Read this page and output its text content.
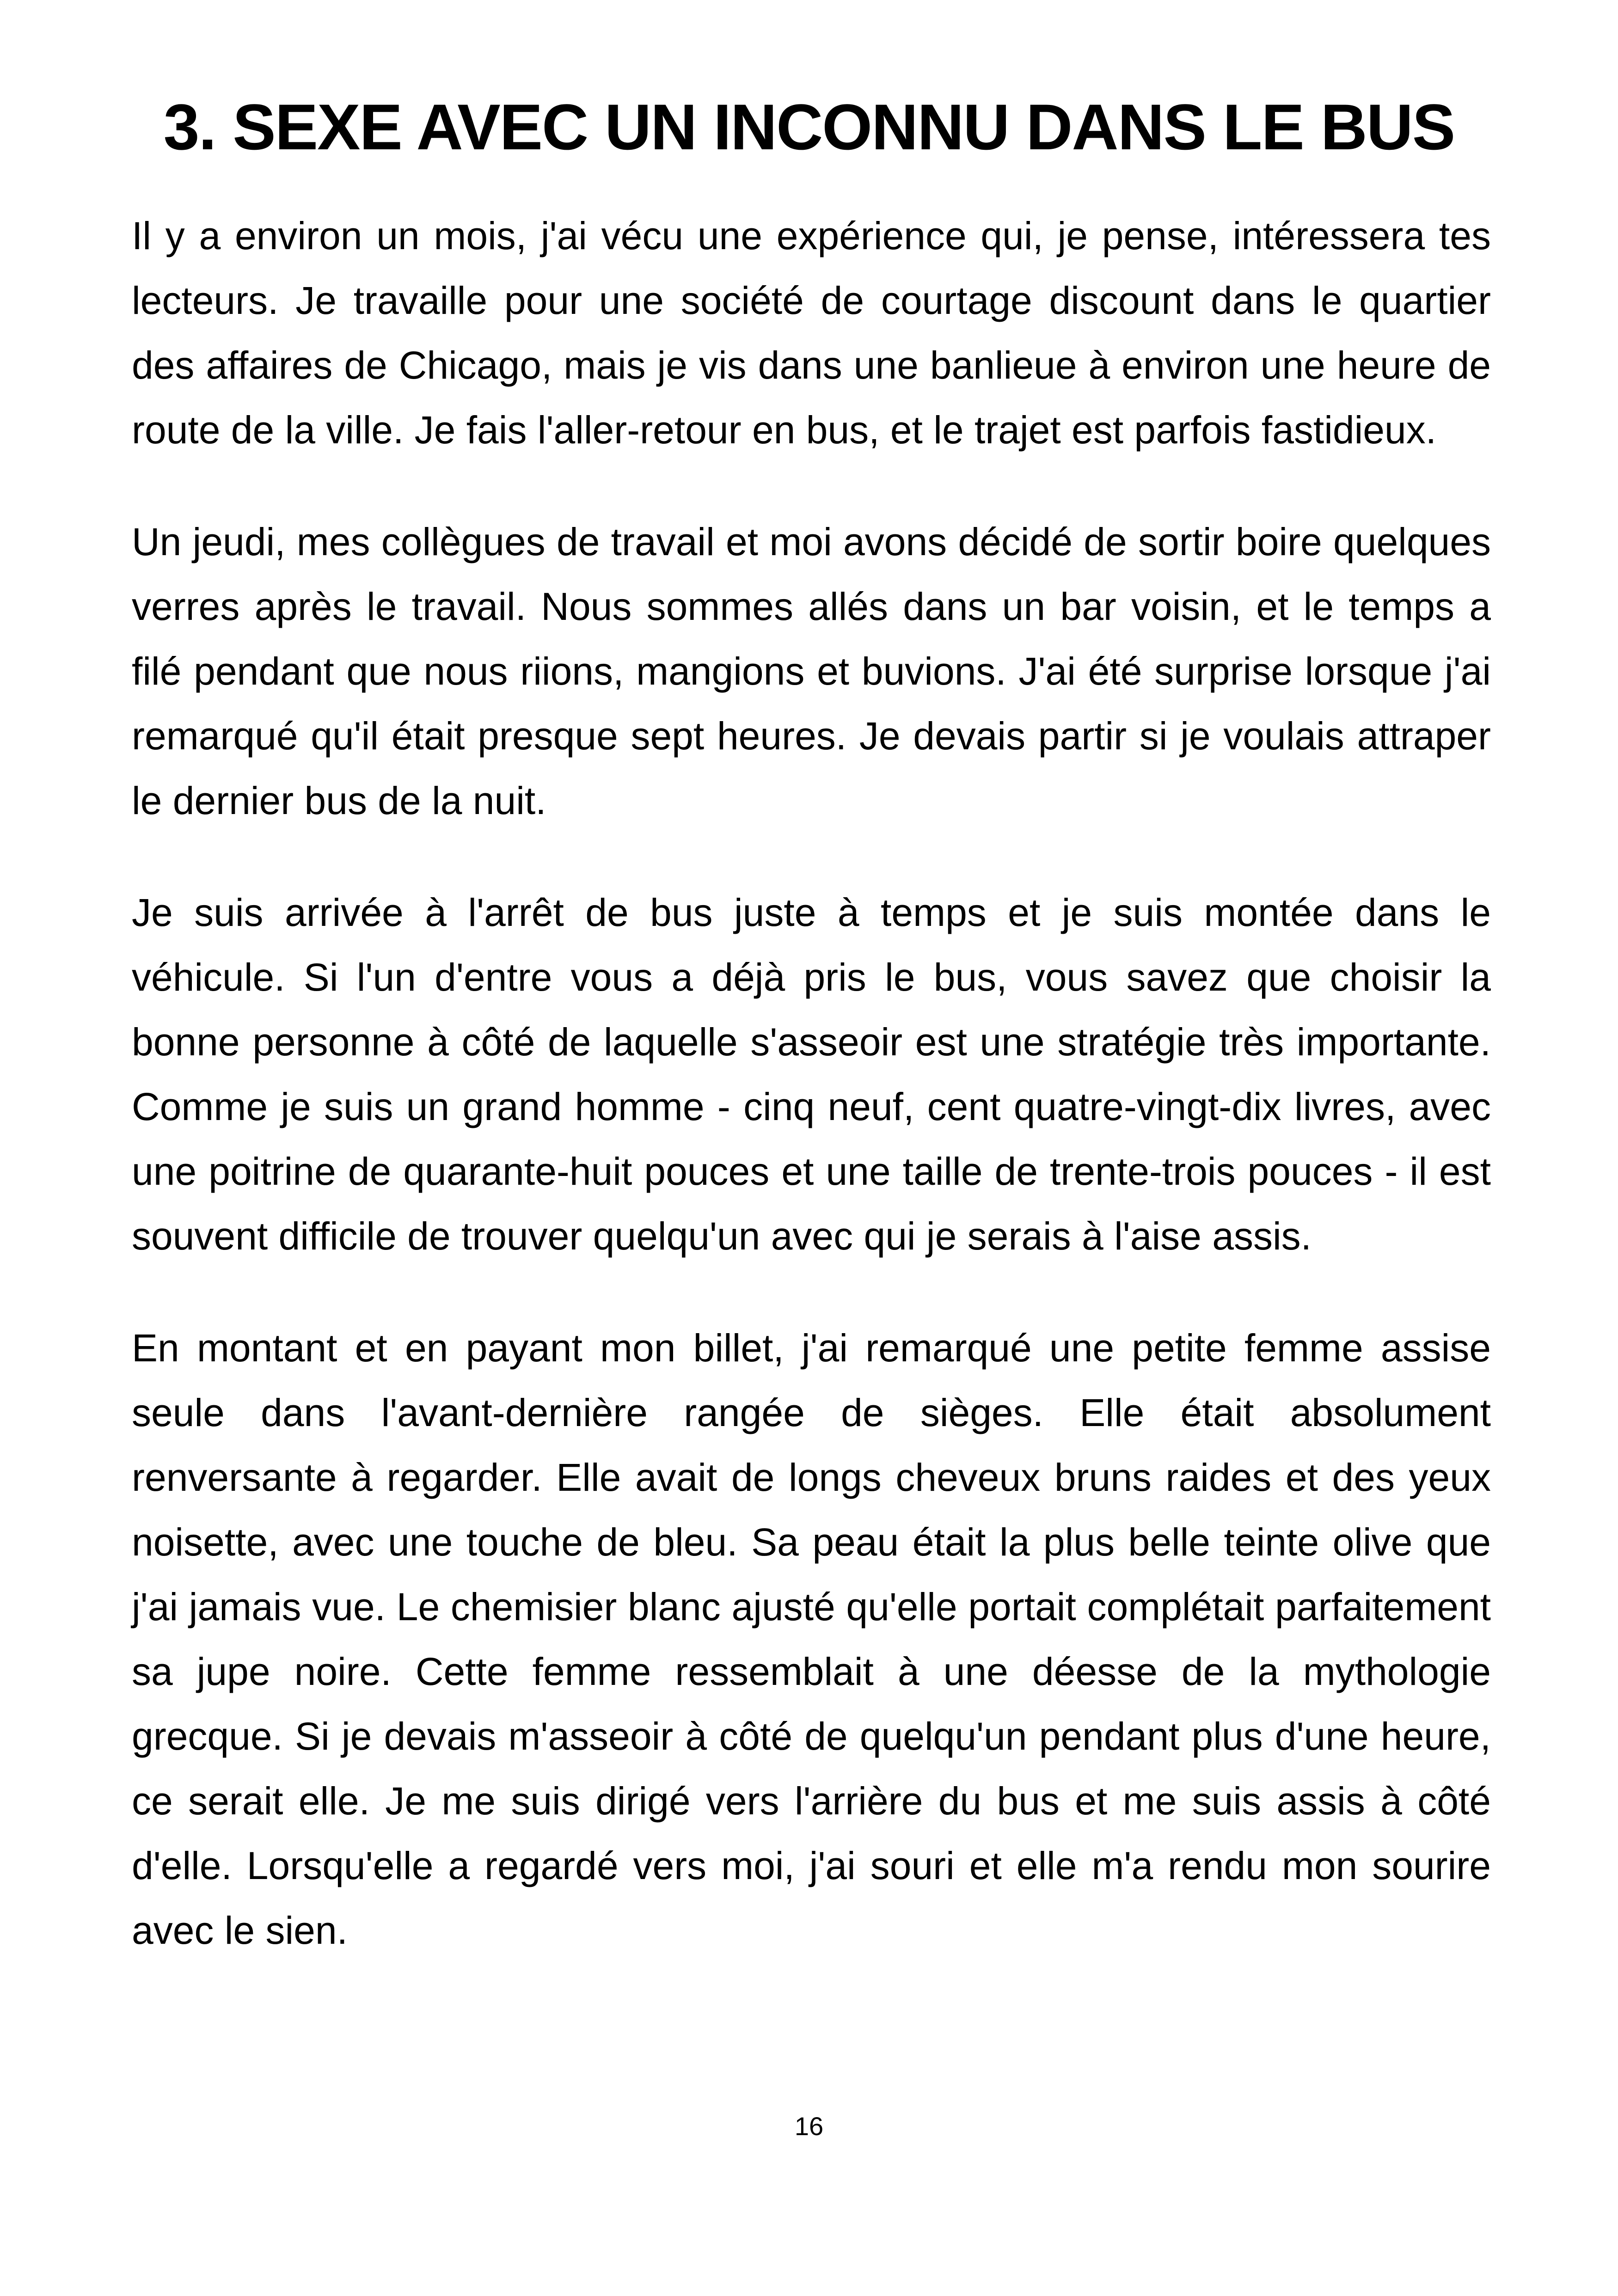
3. SEXE AVEC UN INCONNU DANS LE BUS

Il y a environ un mois, j'ai vécu une expérience qui, je pense, intéressera tes lecteurs. Je travaille pour une société de courtage discount dans le quartier des affaires de Chicago, mais je vis dans une banlieue à environ une heure de route de la ville. Je fais l'aller-retour en bus, et le trajet est parfois fastidieux.

Un jeudi, mes collègues de travail et moi avons décidé de sortir boire quelques verres après le travail. Nous sommes allés dans un bar voisin, et le temps a filé pendant que nous riions, mangions et buvions. J'ai été surprise lorsque j'ai remarqué qu'il était presque sept heures. Je devais partir si je voulais attraper le dernier bus de la nuit.

Je suis arrivée à l'arrêt de bus juste à temps et je suis montée dans le véhicule. Si l'un d'entre vous a déjà pris le bus, vous savez que choisir la bonne personne à côté de laquelle s'asseoir est une stratégie très importante. Comme je suis un grand homme - cinq neuf, cent quatre-vingt-dix livres, avec une poitrine de quarante-huit pouces et une taille de trente-trois pouces - il est souvent difficile de trouver quelqu'un avec qui je serais à l'aise assis.

En montant et en payant mon billet, j'ai remarqué une petite femme assise seule dans l'avant-dernière rangée de sièges. Elle était absolument renversante à regarder. Elle avait de longs cheveux bruns raides et des yeux noisette, avec une touche de bleu. Sa peau était la plus belle teinte olive que j'ai jamais vue. Le chemisier blanc ajusté qu'elle portait complétait parfaitement sa jupe noire. Cette femme ressemblait à une déesse de la mythologie grecque. Si je devais m'asseoir à côté de quelqu'un pendant plus d'une heure, ce serait elle. Je me suis dirigé vers l'arrière du bus et me suis assis à côté d'elle. Lorsqu'elle a regardé vers moi, j'ai souri et elle m'a rendu mon sourire avec le sien.

16
